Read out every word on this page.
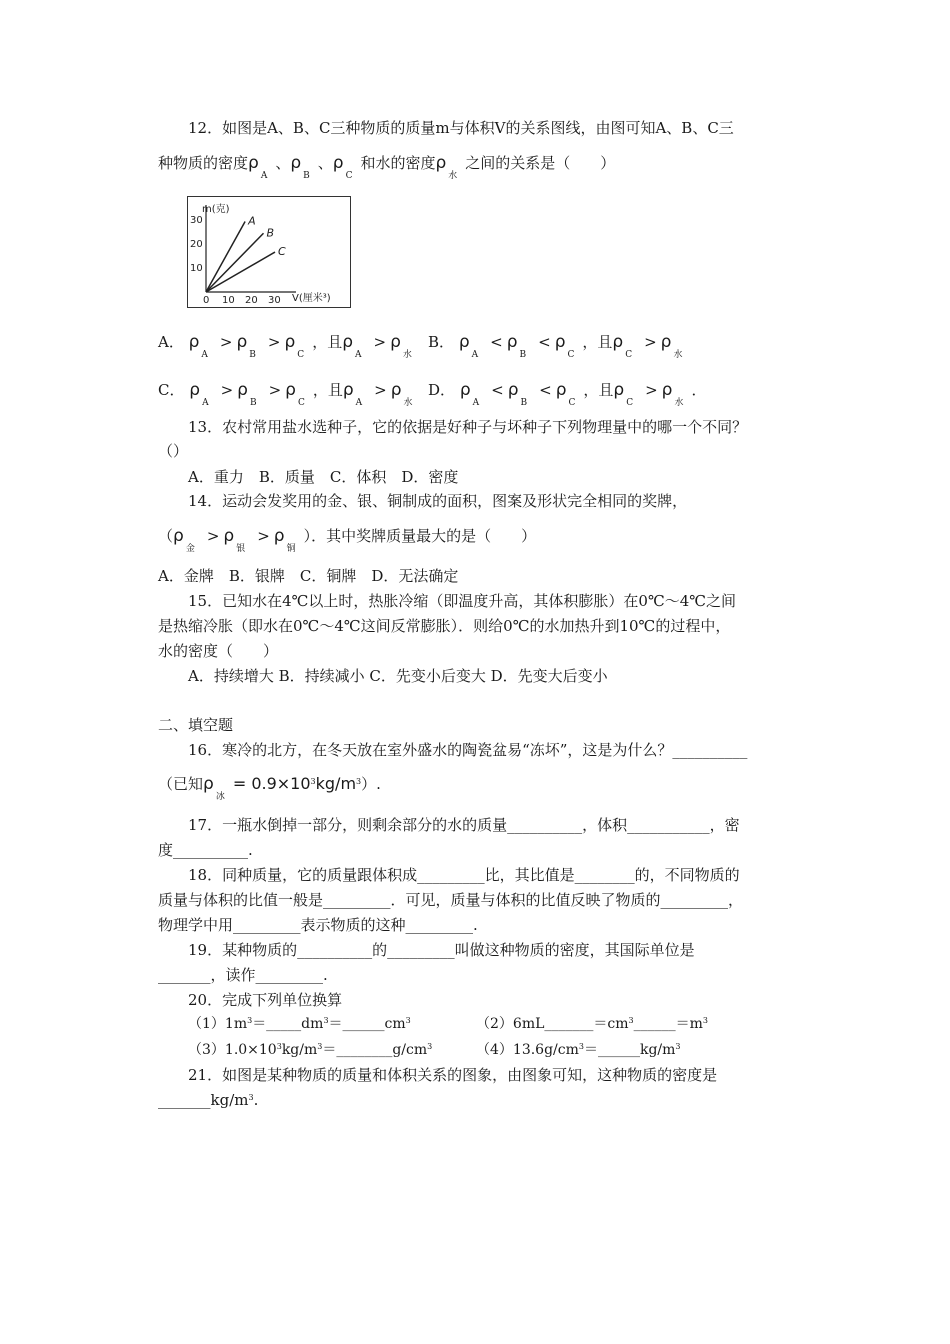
12．如图是A、B、C三种物质的质量m与体积V的关系图线，由图可知A、B、C三
种物质的密度$\rho_A$、$\rho_B$、$\rho_C$和水的密度$\rho_水$之间的关系是（　　）
m(克)
V(厘米³)
10
20
30
0 10 20 30
A
B
C
A． $\rho_A> \rho_B> \rho_C$，且$\rho_A> \rho_水$
B． $\rho_A< \rho_B< \rho_C$，且$\rho_C> \rho_水$
C． $\rho_A> \rho_B> \rho_C$，且$\rho_A> \rho_水$
D． $\rho_A< \rho_B< \rho_C$，且$\rho_C> \rho_水$．
13．农村常用盐水选种子，它的依据是好种子与坏种子下列物理量中的哪一个不同？
（）
A．重力　B．质量　C．体积　D．密度
14．运动会发奖用的金、银、铜制成的面积，图案及形状完全相同的奖牌，
$(\rho_金> \rho_银> \rho_铜)$．其中奖牌质量最大的是（　　）
A．金牌　B．银牌　C．铜牌　D．无法确定
15．已知水在4℃以上时，热胀冷缩（即温度升高，其体积膨胀）在0℃～4℃之间
是热缩冷胀（即水在0℃～4℃这间反常膨胀）．则给0℃的水加热升到10℃的过程中，
水的密度（　　）
A．持续增大 B．持续减小 C．先变小后变大 D．先变大后变小
二、填空题
16．寒冷的北方，在冬天放在室外盛水的陶瓷盆易“冻坏”，这是为什么？__________
（已知$\rho_冰= 0.9\times 10^3kg/m^3$）.
17．一瓶水倒掉一部分，则剩余部分的水的质量__________，体积___________，密
度__________.
18．同种质量，它的质量跟体积成_________比，其比值是________的，不同物质的
质量与体积的比值一般是_________．可见，质量与体积的比值反映了物质的_________，
物理学中用_________表示物质的这种_________.
19．某种物质的__________的_________叫做这种物质的密度，其国际单位是
_______，读作_________.
20．完成下列单位换算
$(1)1m^3=\_\_\_\_\_dm^3=\_\_\_\_\_\_cm^3$	$(2)6mL\_\_\_\_\_\_\_=cm^3\_\_\_\_\_\_=m^3$
$(3)1.0\times 10^3kg/m^3=\_\_\_\_\_\_\_\_g/cm^3$	$(4)13.6g/cm^3=\_\_\_\_\_\_kg/m^3$
21．如图是某种物质的质量和体积关系的图象，由图象可知，这种物质的密度是
$\_\_\_\_\_\_\_kg/m^3$.
